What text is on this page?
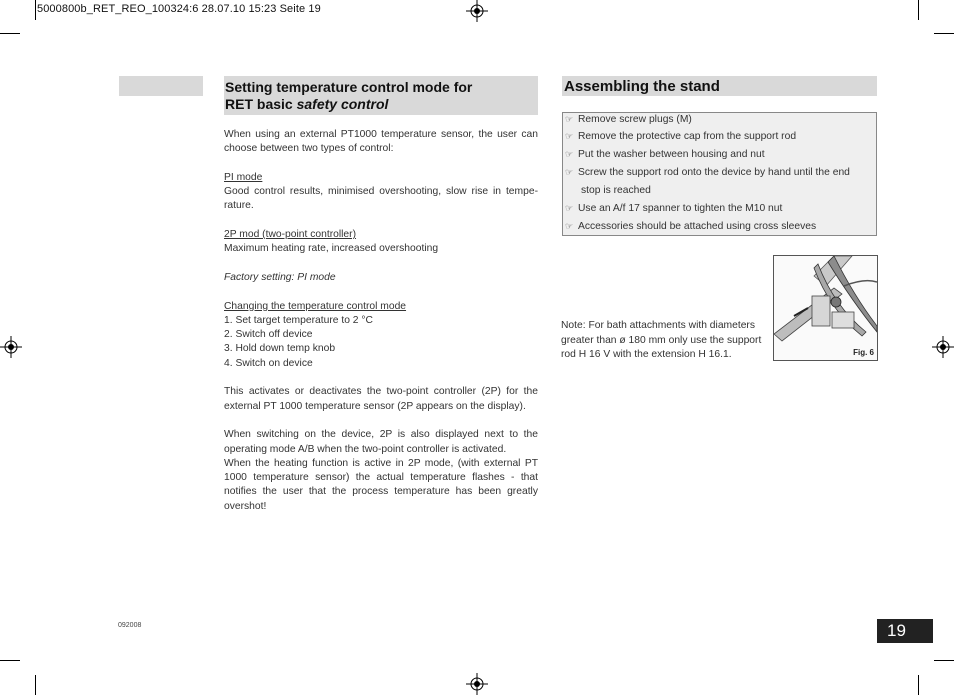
5000800b_RET_REO_100324:6 28.07.10 15:23 Seite 19
Setting temperature control mode for
RET basic safety control

When using an external PT1000 temperature sensor, the user can choose between two types of control:

PI mode

Good control results, minimised overshooting, slow rise in tempe-rature.

2P mod (two-point controller)

Maximum heating rate, increased overshooting

Factory setting: PI mode

Changing the temperature control mode

1. Set target temperature to 2 °C

2. Switch off device

3. Hold down temp knob

4. Switch on device

This activates or deactivates the two-point controller (2P) for the external PT 1000 temperature sensor (2P appears on the display).

When switching on the device, 2P is also displayed next to the operating mode A/B when the two-point controller is activated.

When the heating function is active in 2P mode, (with external PT 1000 temperature sensor) the actual temperature flashes - that notifies the user that the process temperature has been greatly overshot!

Assembling the stand
☞ Remove screw plugs (M)
☞ Remove the protective cap from the support rod
☞ Put the washer between housing and nut
☞ Screw the support rod onto the device by hand until the end
stop is reached
☞ Use an A/f 17 spanner to tighten the M10 nut
☞ Accessories should be attached using cross sleeves
Note: For bath attachments with diameters greater than ø 180 mm only use the support rod H 16 V with the extension H 16.1.	Fig. 6
092008	19
